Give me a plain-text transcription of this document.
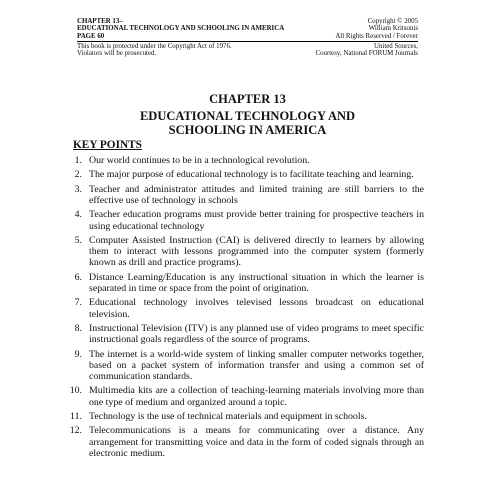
CHAPTER 13–	Copyright © 2005
EDUCATIONAL TECHNOLOGY AND SCHOOLING IN AMERICA	William Kritsonis
PAGE 60	All Rights Reserved / Forever
This book is protected under the Copyright Act of 1976.	United Sources,
Violators will be prosecuted.	Courtesy, National FORUM Journals
CHAPTER 13
EDUCATIONAL TECHNOLOGY AND
SCHOOLING IN AMERICA
KEY POINTS
1. Our world continues to be in a technological revolution.
2. The major purpose of educational technology is to facilitate teaching and learning.
3. Teacher and administrator attitudes and limited training are still barriers to the effective use of technology in schools
4. Teacher education programs must provide better training for prospective teachers in using educational technology
5. Computer Assisted Instruction (CAI) is delivered directly to learners by allowing them to interact with lessons programmed into the computer system (formerly known as drill and practice programs).
6. Distance Learning/Education is any instructional situation in which the learner is separated in time or space from the point of origination.
7. Educational technology involves televised lessons broadcast on educational television.
8. Instructional Television (ITV) is any planned use of video programs to meet specific instructional goals regardless of the source of programs.
9. The internet is a world-wide system of linking smaller computer networks together, based on a packet system of information transfer and using a common set of communication standards.
10. Multimedia kits are a collection of teaching-learning materials involving more than one type of medium and organized around a topic.
11. Technology is the use of technical materials and equipment in schools.
12. Telecommunications is a means for communicating over a distance. Any arrangement for transmitting voice and data in the form of coded signals through an electronic medium.
